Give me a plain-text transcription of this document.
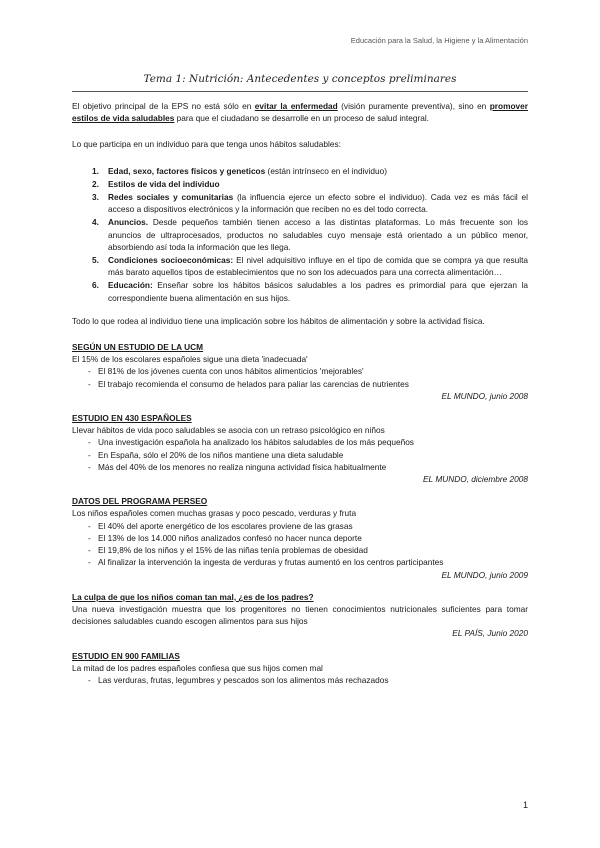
Educación para la Salud, la Higiene y la Alimentación
Tema 1: Nutrición: Antecedentes y conceptos preliminares

El objetivo principal de la EPS no está sólo en evitar la enfermedad (visión puramente preventiva), sino en promover estilos de vida saludables para que el ciudadano se desarrolle en un proceso de salud integral.

Lo que participa en un individuo para que tenga unos hábitos saludables:

1. Edad, sexo, factores físicos y geneticos (están intrínseco en el individuo)
2. Estilos de vida del individuo
3. Redes sociales y comunitarias (la influencia ejerce un efecto sobre el individuo). Cada vez es más fácil el acceso a dispositivos electrónicos y la información que reciben no es del todo correcta.
4. Anuncios. Desde pequeños también tienen acceso a las distintas plataformas. Lo más frecuente son los anuncios de ultraprocesados, productos no saludables cuyo mensaje está orientado a un público menor, absorbiendo así toda la información que les llega.
5. Condiciones socioeconómicas: El nivel adquisitivo influye en el tipo de comida que se compra ya que resulta más barato aquellos tipos de establecimientos que no son los adecuados para una correcta alimentación…
6. Educación: Enseñar sobre los hábitos básicos saludables a los padres es primordial para que ejerzan la correspondiente buena alimentación en sus hijos.

Todo lo que rodea al individuo tiene una implicación sobre los hábitos de alimentación y sobre la actividad física.

SEGÚN UN ESTUDIO DE LA UCM

El 15% de los escolares españoles sigue una dieta 'inadecuada'

- El 81% de los jóvenes cuenta con unos hábitos alimenticios 'mejorables'
- El trabajo recomienda el consumo de helados para paliar las carencias de nutrientes

EL MUNDO, junio 2008

ESTUDIO EN 430 ESPAÑOLES

Llevar hábitos de vida poco saludables se asocia con un retraso psicológico en niños

- Una investigación española ha analizado los hábitos saludables de los más pequeños
- En España, sólo el 20% de los niños mantiene una dieta saludable
- Más del 40% de los menores no realiza ninguna actividad física habitualmente

EL MUNDO, diciembre 2008

DATOS DEL PROGRAMA PERSEO

Los niños españoles comen muchas grasas y poco pescado, verduras y fruta

- El 40% del aporte energético de los escolares proviene de las grasas
- El 13% de los 14.000 niños analizados confesó no hacer nunca deporte
- El 19,8% de los niños y el 15% de las niñas tenía problemas de obesidad
- Al finalizar la intervención la ingesta de verduras y frutas aumentó en los centros participantes

EL MUNDO, junio 2009

La culpa de que los niños coman tan mal, ¿es de los padres?

Una nueva investigación muestra que los progenitores no tienen conocimientos nutricionales suficientes para tomar decisiones saludables cuando escogen alimentos para sus hijos

EL PAÍS, Junio 2020

ESTUDIO EN 900 FAMILIAS

La mitad de los padres españoles confiesa que sus hijos comen mal

- Las verduras, frutas, legumbres y pescados son los alimentos más rechazados
1
